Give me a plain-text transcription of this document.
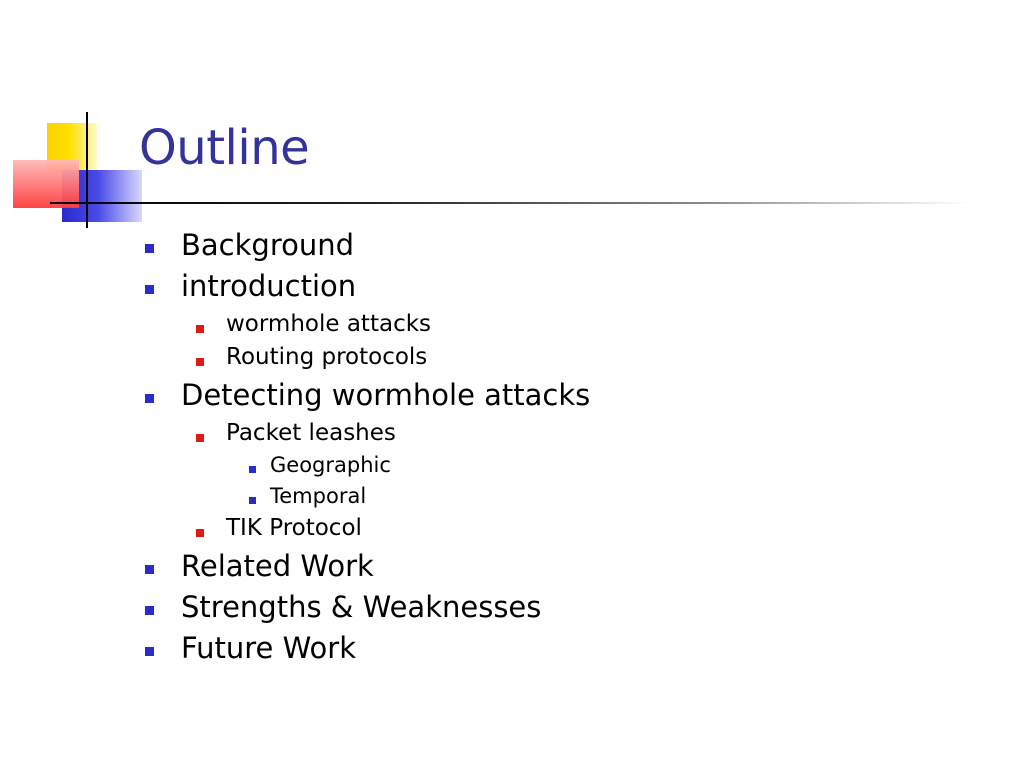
Outline
Background
introduction
wormhole attacks
Routing protocols
Detecting wormhole attacks
Packet leashes
Geographic
Temporal
TIK Protocol
Related Work
Strengths & Weaknesses
Future Work
